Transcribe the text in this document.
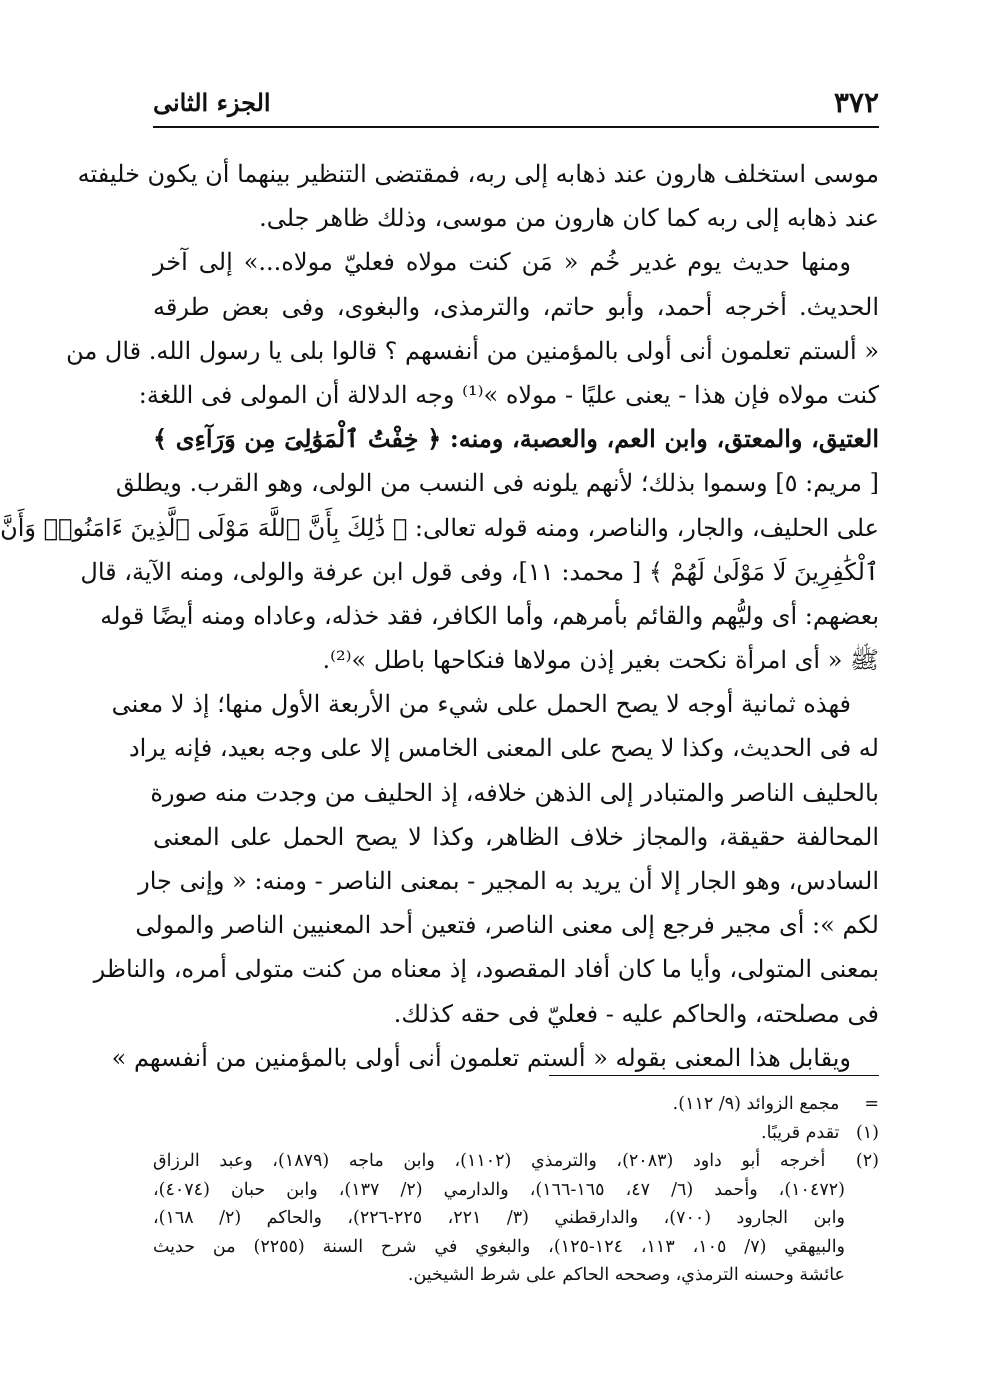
٣٧٢
الجزء الثانى
موسى استخلف هارون عند ذهابه إلى ربه، فمقتضى التنظير بينهما أن يكون خليفته
عند ذهابه إلى ربه كما كان هارون من موسى، وذلك ظاهر جلى.
ومنها حديث يوم غدير خُم « مَن كنت مولاه فعليّ مولاه...» إلى آخر
الحديث. أخرجه أحمد، وأبو حاتم، والترمذى، والبغوى، وفى بعض طرقه
« ألستم تعلمون أنى أولى بالمؤمنين من أنفسهم ؟ قالوا بلى يا رسول الله. قال من
كنت مولاه فإن هذا - يعنى عليًا - مولاه »⁽¹⁾ وجه الدلالة أن المولى فى اللغة:
العتيق، والمعتق، وابن العم، والعصبة، ومنه: ﴿ خِفْتُ ٱلْمَوَٰلِىَ مِن وَرَآءِى ﴾
[ مريم: ٥] وسموا بذلك؛ لأنهم يلونه فى النسب من الولى، وهو القرب. ويطلق
على الحليف، والجار، والناصر، ومنه قوله تعالى: ﴿ ذَٰلِكَ بِأَنَّ ٱللَّهَ مَوْلَى ٱلَّذِينَ ءَامَنُوا۟ وَأَنَّ
ٱلْكَٰفِرِينَ لَا مَوْلَىٰ لَهُمْ ﴾ [ محمد: ١١]، وفى قول ابن عرفة والولى، ومنه الآية، قال
بعضهم: أى وليُّهم والقائم بأمرهم، وأما الكافر، فقد خذله، وعاداه ومنه أيضًا قوله
ﷺ « أى امرأة نكحت بغير إذن مولاها فنكاحها باطل »⁽²⁾.
فهذه ثمانية أوجه لا يصح الحمل على شيء من الأربعة الأول منها؛ إذ لا معنى
له فى الحديث، وكذا لا يصح على المعنى الخامس إلا على وجه بعيد، فإنه يراد
بالحليف الناصر والمتبادر إلى الذهن خلافه، إذ الحليف من وجدت منه صورة
المحالفة حقيقة، والمجاز خلاف الظاهر، وكذا لا يصح الحمل على المعنى
السادس، وهو الجار إلا أن يريد به المجير - بمعنى الناصر - ومنه: « وإنى جار
لكم »: أى مجير فرجع إلى معنى الناصر، فتعين أحد المعنيين الناصر والمولى
بمعنى المتولى، وأيا ما كان أفاد المقصود، إذ معناه من كنت متولى أمره، والناظر
فى مصلحته، والحاكم عليه - فعليّ فى حقه كذلك.
ويقابل هذا المعنى بقوله « ألستم تعلمون أنى أولى بالمؤمنين من أنفسهم »
= مجمع الزوائد (٩/ ١١٢).
(١) تقدم قريبًا.
(٢) أخرجه أبو داود (٢٠٨٣)، والترمذي (١١٠٢)، وابن ماجه (١٨٧٩)، وعبد الرزاق
(١٠٤٧٢)، وأحمد (٦/ ٤٧، ١٦٥-١٦٦)، والدارمي (٢/ ١٣٧)، وابن حبان (٤٠٧٤)،
وابن الجارود (٧٠٠)، والدارقطني (٣/ ٢٢١، ٢٢٥-٢٢٦)، والحاكم (٢/ ١٦٨)،
والبيهقي (٧/ ١٠٥، ١١٣، ١٢٤-١٢٥)، والبغوي في شرح السنة (٢٢٥٥) من حديث
عائشة وحسنه الترمذي، وصححه الحاكم على شرط الشيخين.
